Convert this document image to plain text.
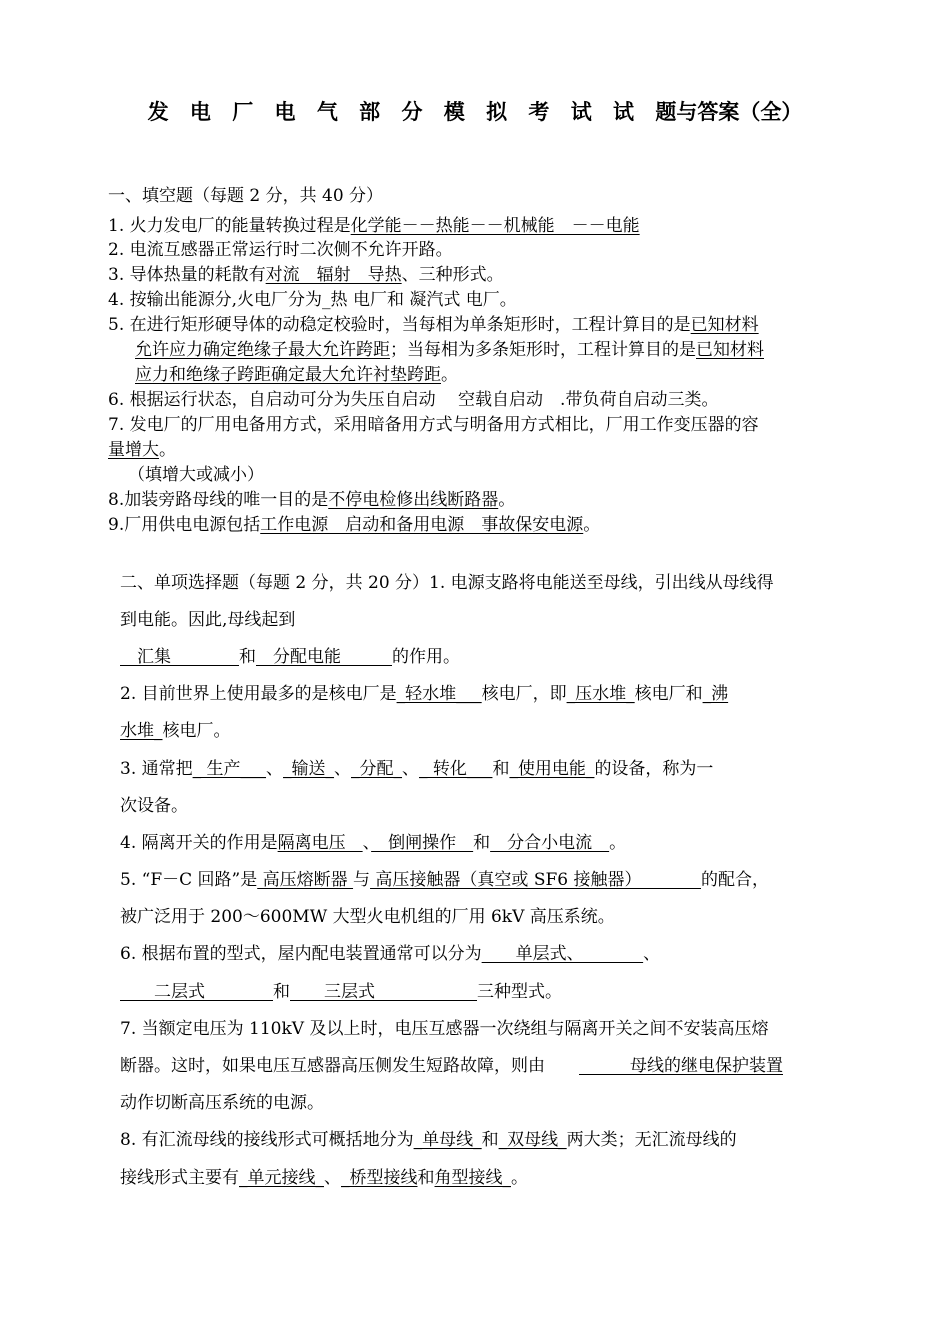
发 电 厂 电 气 部 分 模 拟 考 试 试 题与答案（全）
一、填空题（每题 2 分，共 40 分）
1. 火力发电厂的能量转换过程是化学能－－热能－－机械能　－－电能
2. 电流互感器正常运行时二次侧不允许开路。
3. 导体热量的耗散有对流　辐射　导热、三种形式。
4. 按输出能源分,火电厂分为_热 电厂和 凝汽式 电厂。
5. 在进行矩形硬导体的动稳定校验时，当每相为单条矩形时，工程计算目的是已知材料
允许应力确定绝缘子最大允许跨距；当每相为多条矩形时，工程计算目的是已知材料
应力和绝缘子跨距确定最大允许衬垫跨距。
6. 根据运行状态，自启动可分为失压自启动　 空载自启动　.带负荷自启动三类。
7. 发电厂的厂用电备用方式，采用暗备用方式与明备用方式相比，厂用工作变压器的容
量增大。
（填增大或减小）
8.加装旁路母线的唯一目的是不停电检修出线断路器。
9.厂用供电电源包括工作电源　启动和备用电源　事故保安电源。
二、单项选择题（每题 2 分，共 20 分）1. 电源支路将电能送至母线，引出线从母线得
到电能。因此,母线起到
　汇集　　　　和　分配电能　　　的作用。
2. 目前世界上使用最多的是核电厂是_轻水堆___核电厂，即_压水堆_核电厂和_沸
水堆_核电厂。
3. 通常把_ 生产___、_输送_、_分配_、_ 转化___和_使用电能_的设备，称为一
次设备。
4. 隔离开关的作用是隔离电压　、　倒闸操作　和　分合小电流　。
5. “F－C 回路”是 高压熔断器 与 高压接触器（真空或 SF6 接触器）　　　　的配合，
被广泛用于 200～600MW 大型火电机组的厂用 6kV 高压系统。
6. 根据布置的型式，屋内配电装置通常可以分为　　单层式、　　　　、
　　二层式　　　　和　　三层式　　　　　　三种型式。
7. 当额定电压为 110kV 及以上时，电压互感器一次绕组与隔离开关之间不安装高压熔
断器。这时，如果电压互感器高压侧发生短路故障，则由　　　　　母线的继电保护装置
动作切断高压系统的电源。
8. 有汇流母线的接线形式可概括地分为_单母线_和_双母线_两大类；无汇流母线的
接线形式主要有_单元接线_、_桥型接线和角型接线_。
